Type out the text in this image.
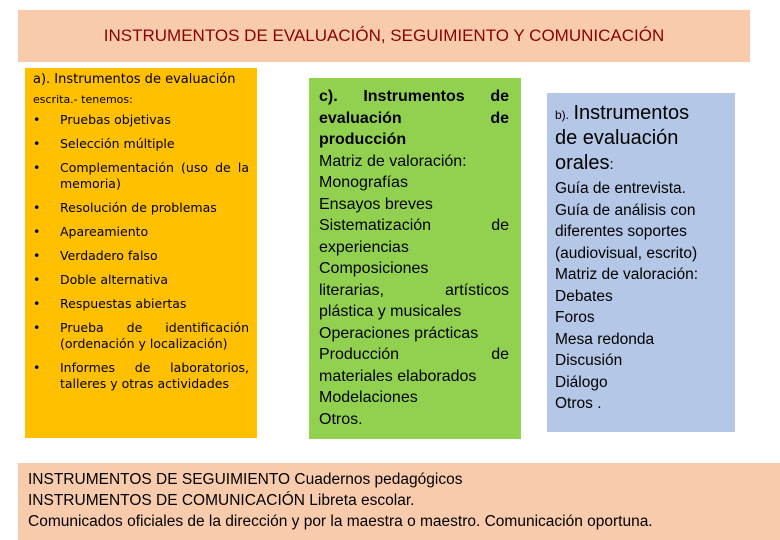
INSTRUMENTOS DE EVALUACIÓN, SEGUIMIENTO Y COMUNICACIÓN
a). Instrumentos de evaluación
escrita.- tenemos:
• Pruebas objetivas
• Selección múltiple
• Complementación (uso de la memoria)
• Resolución de problemas
• Apareamiento
• Verdadero falso
• Doble alternativa
• Respuestas abiertas
• Prueba de identificación (ordenación y localización)
• Informes de laboratorios, talleres y otras actividades
c). Instrumentos de
evaluación de
producción
Matriz de valoración:
Monografías
Ensayos breves
Sistematización de
experiencias
Composiciones
literarias, artísticos
plástica y musicales
Operaciones prácticas
Producción de
materiales elaborados
Modelaciones
Otros.
b). Instrumentos
de evaluación
orales:
Guía de entrevista.
Guía de análisis con
diferentes soportes
(audiovisual, escrito)
Matriz de valoración:
Debates
Foros
Mesa redonda
Discusión
Diálogo
Otros .
INSTRUMENTOS DE SEGUIMIENTO Cuadernos pedagógicos
INSTRUMENTOS DE COMUNICACIÓN Libreta escolar.
Comunicados oficiales de la dirección y por la maestra o maestro. Comunicación oportuna.
